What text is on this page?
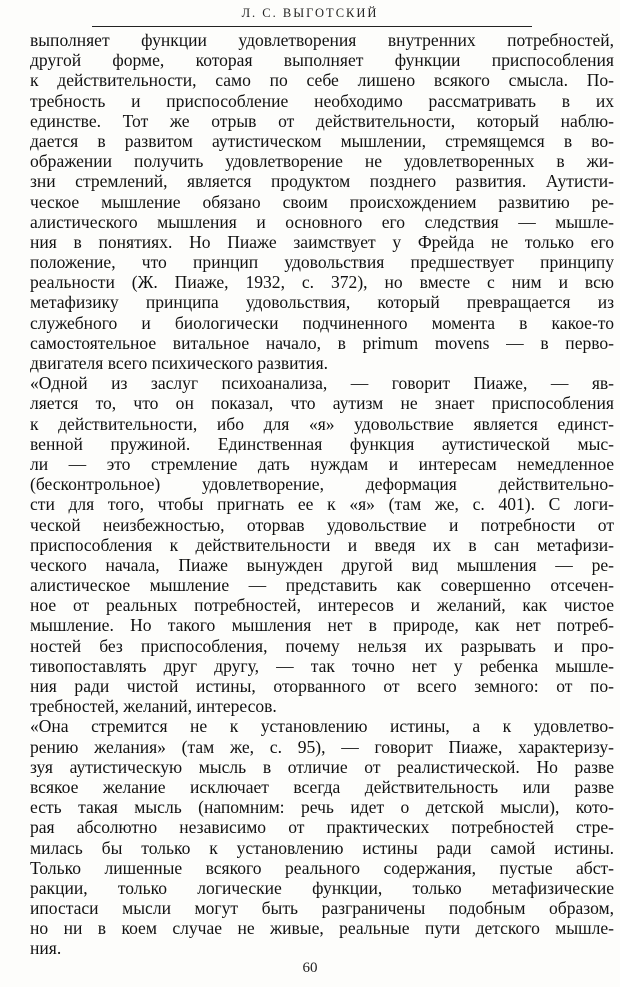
Л. С. ВЫГОТСКИЙ
выполняет функции удовлетворения внутренних потребностей,
другой форме, которая выполняет функции приспособления
к действительности, само по себе лишено всякого смысла. По-
требность и приспособление необходимо рассматривать в их
единстве. Тот же отрыв от действительности, который наблю-
дается в развитом аутистическом мышлении, стремящемся в во-
ображении получить удовлетворение не удовлетворенных в жи-
зни стремлений, является продуктом позднего развития. Аутисти-
ческое мышление обязано своим происхождением развитию ре-
алистического мышления и основного его следствия — мышле-
ния в понятиях. Но Пиаже заимствует у Фрейда не только его
положение, что принцип удовольствия предшествует принципу
реальности (Ж. Пиаже, 1932, с. 372), но вместе с ним и всю
метафизику принципа удовольствия, который превращается из
служебного и биологически подчиненного момента в какое-то
самостоятельное витальное начало, в primum movens — в перво-
двигателя всего психического развития.
«Одной из заслуг психоанализа, — говорит Пиаже, — яв-
ляется то, что он показал, что аутизм не знает приспособления
к действительности, ибо для «я» удовольствие является единст-
венной пружиной. Единственная функция аутистической мыс-
ли — это стремление дать нуждам и интересам немедленное
(бесконтрольное) удовлетворение, деформация действительно-
сти для того, чтобы пригнать ее к «я» (там же, с. 401). С логи-
ческой неизбежностью, оторвав удовольствие и потребности от
приспособления к действительности и введя их в сан метафизи-
ческого начала, Пиаже вынужден другой вид мышления — ре-
алистическое мышление — представить как совершенно отсечен-
ное от реальных потребностей, интересов и желаний, как чистое
мышление. Но такого мышления нет в природе, как нет потреб-
ностей без приспособления, почему нельзя их разрывать и про-
тивопоставлять друг другу, — так точно нет у ребенка мышле-
ния ради чистой истины, оторванного от всего земного: от по-
требностей, желаний, интересов.
«Она стремится не к установлению истины, а к удовлетво-
рению желания» (там же, с. 95), — говорит Пиаже, характеризу-
зуя аутистическую мысль в отличие от реалистической. Но разве
всякое желание исключает всегда действительность или разве
есть такая мысль (напомним: речь идет о детской мысли), кото-
рая абсолютно независимо от практических потребностей стре-
милась бы только к установлению истины ради самой истины.
Только лишенные всякого реального содержания, пустые абст-
ракции, только логические функции, только метафизические
ипостаси мысли могут быть разграничены подобным образом,
но ни в коем случае не живые, реальные пути детского мышле-
ния.
60
